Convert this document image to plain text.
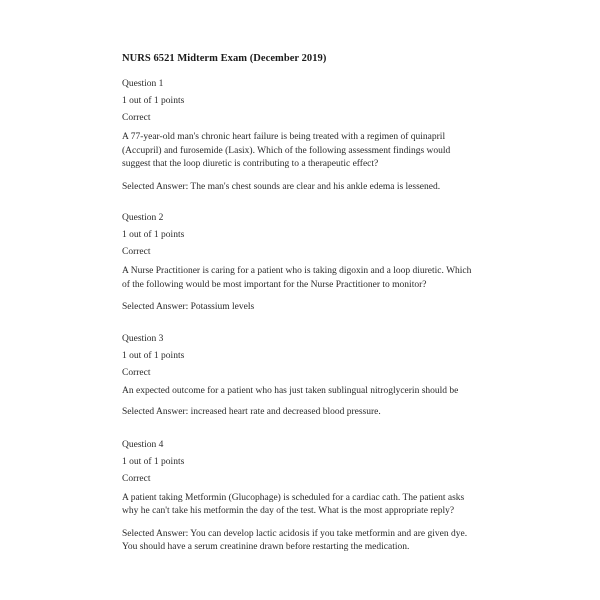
NURS 6521 Midterm Exam (December 2019)

Question 1

1 out of 1 points

Correct

A 77-year-old man's chronic heart failure is being treated with a regimen of quinapril (Accupril) and furosemide (Lasix). Which of the following assessment findings would suggest that the loop diuretic is contributing to a therapeutic effect?

Selected Answer: The man's chest sounds are clear and his ankle edema is lessened.

Question 2

1 out of 1 points

Correct

A Nurse Practitioner is caring for a patient who is taking digoxin and a loop diuretic. Which of the following would be most important for the Nurse Practitioner to monitor?

Selected Answer: Potassium levels

Question 3

1 out of 1 points

Correct

An expected outcome for a patient who has just taken sublingual nitroglycerin should be

Selected Answer: increased heart rate and decreased blood pressure.

Question 4

1 out of 1 points

Correct

A patient taking Metformin (Glucophage) is scheduled for a cardiac cath. The patient asks why he can't take his metformin the day of the test. What is the most appropriate reply?

Selected Answer: You can develop lactic acidosis if you take metformin and are given dye. You should have a serum creatinine drawn before restarting the medication.
